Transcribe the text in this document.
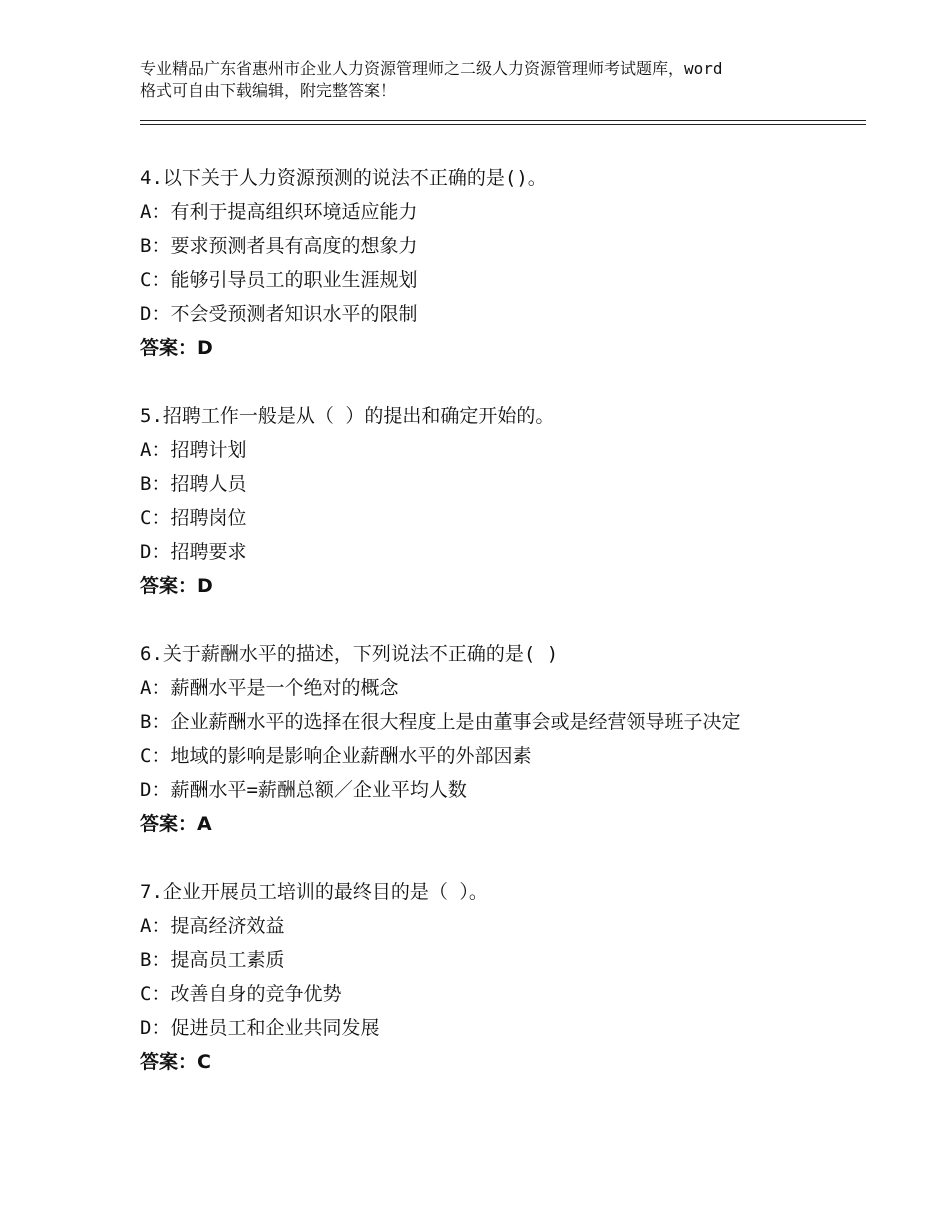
专业精品广东省惠州市企业人力资源管理师之二级人力资源管理师考试题库，word
格式可自由下载编辑，附完整答案！
4.以下关于人力资源预测的说法不正确的是()。
A：有利于提高组织环境适应能力
B：要求预测者具有高度的想象力
C：能够引导员工的职业生涯规划
D：不会受预测者知识水平的限制
答案：D
5.招聘工作一般是从（ ）的提出和确定开始的。
A：招聘计划
B：招聘人员
C：招聘岗位
D：招聘要求
答案：D
6.关于薪酬水平的描述，下列说法不正确的是( )
A：薪酬水平是一个绝对的概念
B：企业薪酬水平的选择在很大程度上是由董事会或是经营领导班子决定
C：地域的影响是影响企业薪酬水平的外部因素
D：薪酬水平=薪酬总额／企业平均人数
答案：A
7.企业开展员工培训的最终目的是（ ）。
A：提高经济效益
B：提高员工素质
C：改善自身的竞争优势
D：促进员工和企业共同发展
答案：C
